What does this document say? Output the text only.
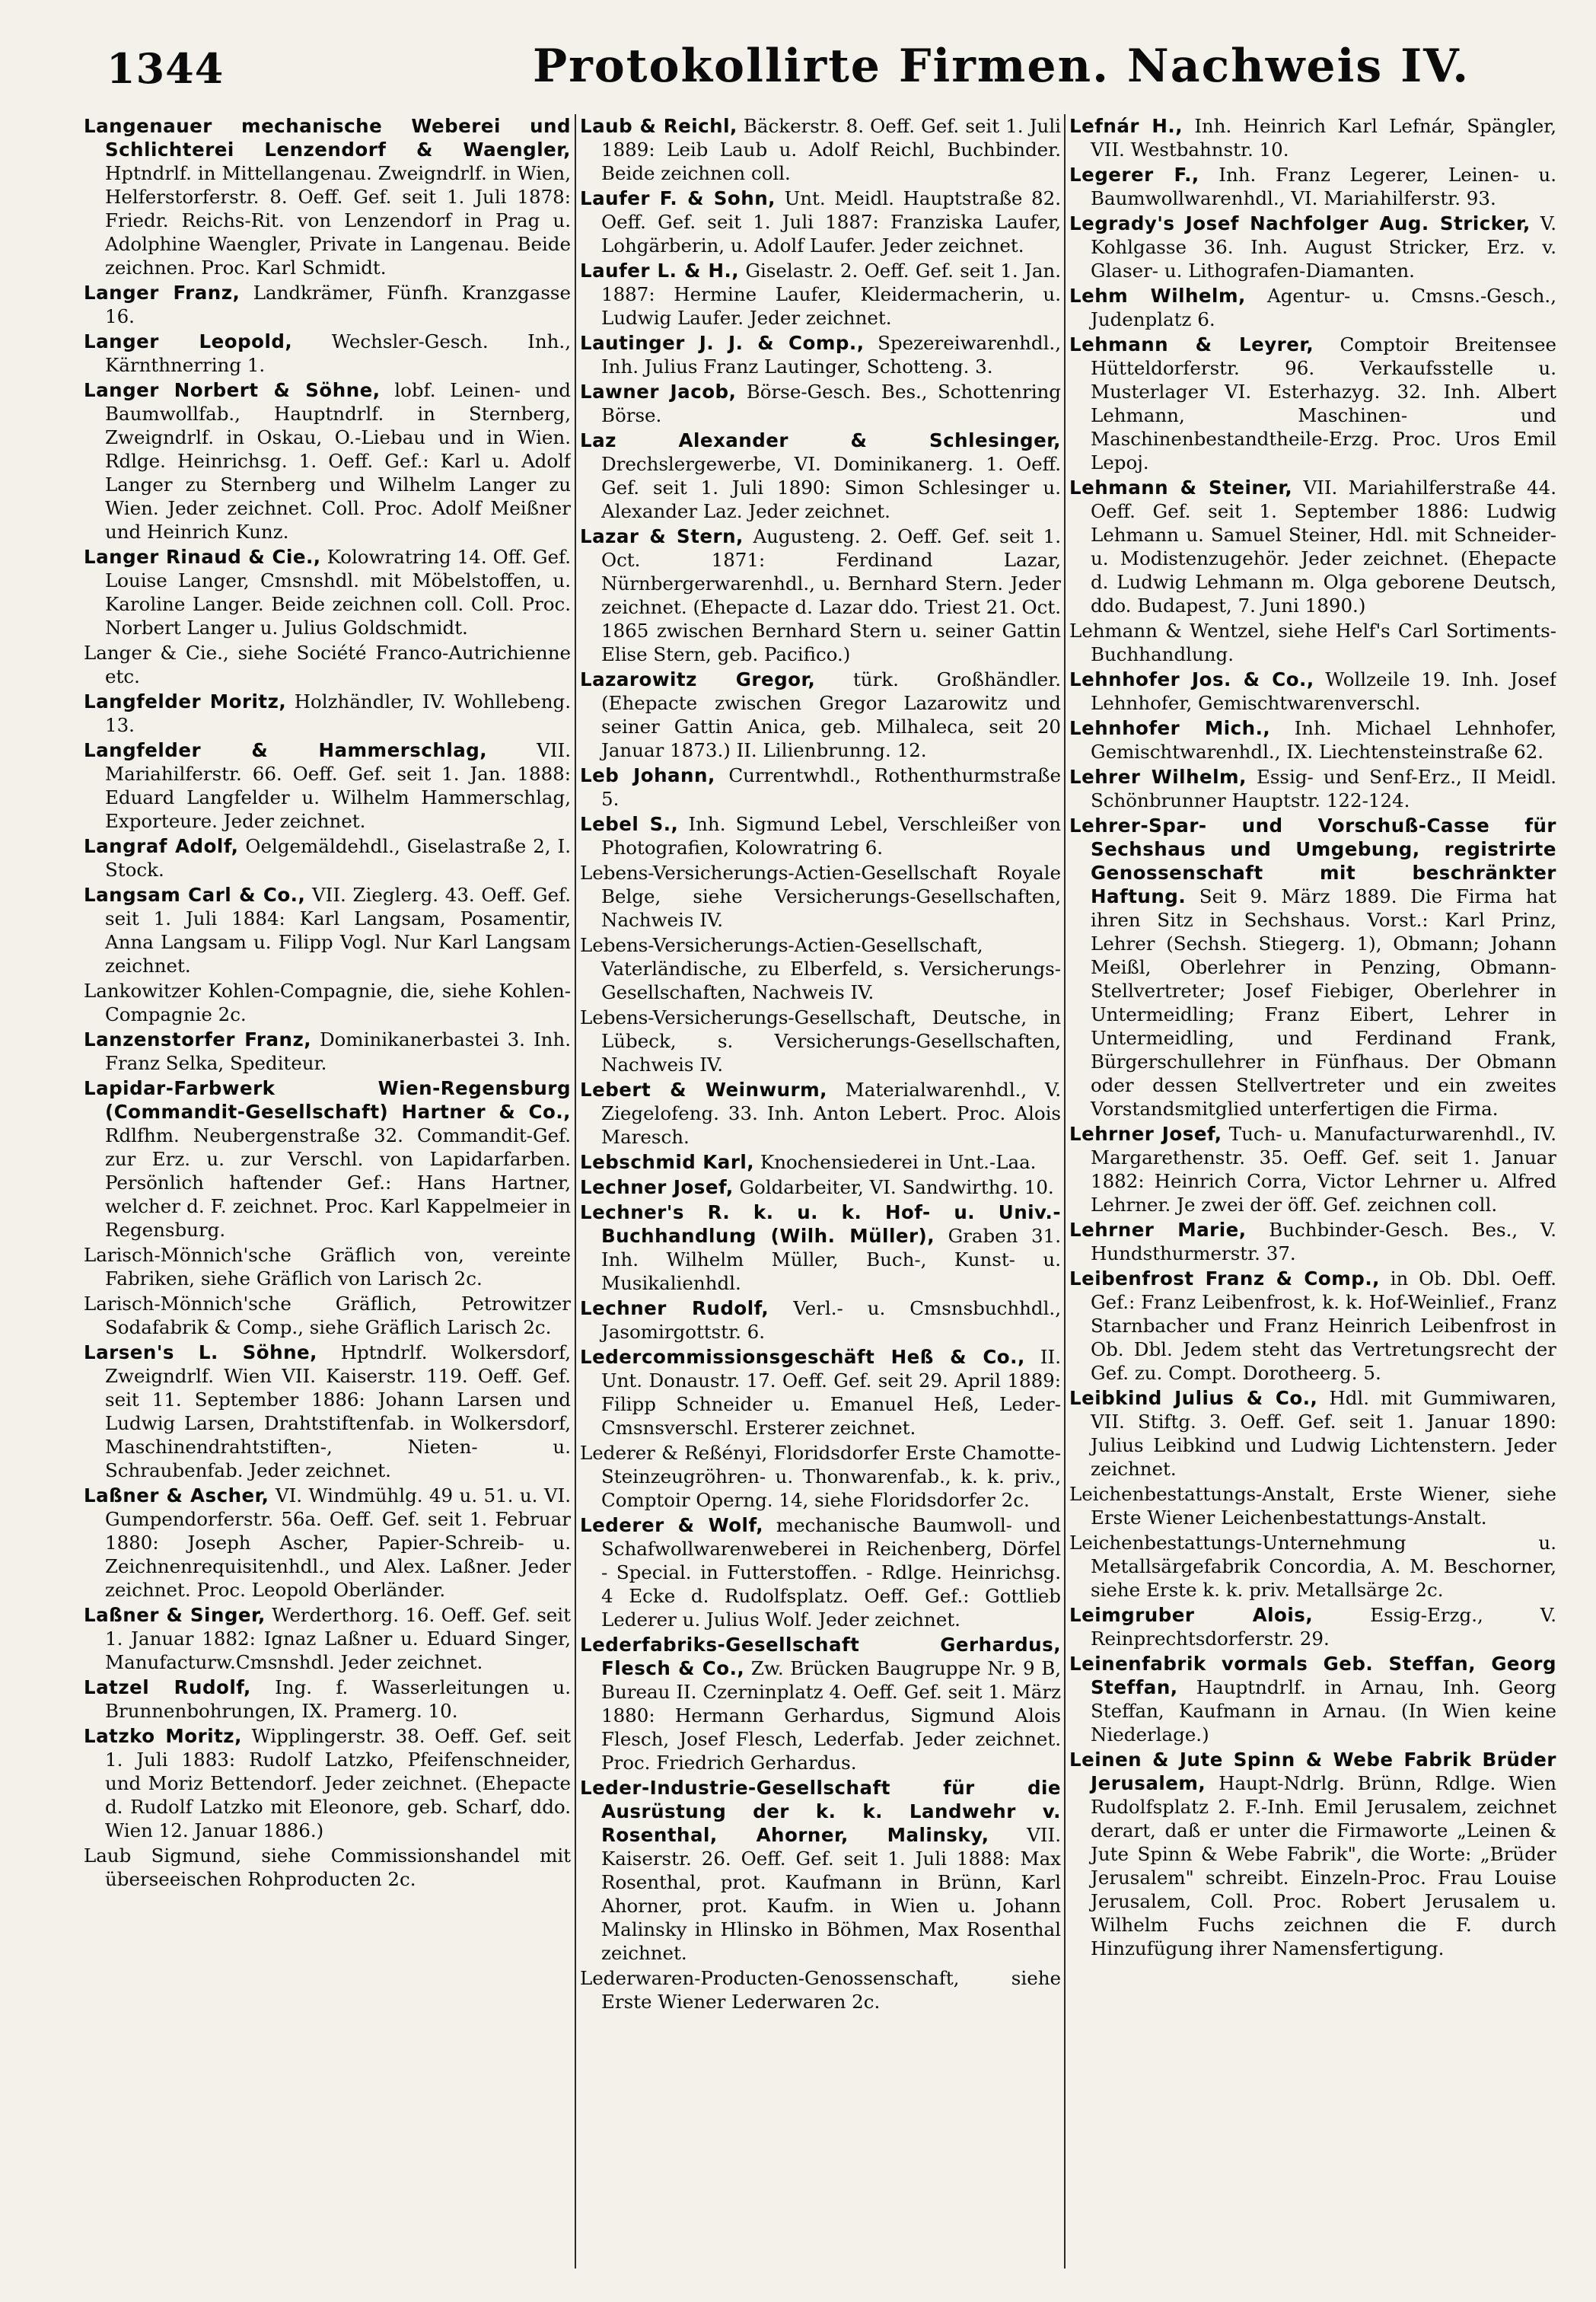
1344	Protokollirte Firmen. Nachweis IV.

Langenauer mechanische Weberei und Schlichterei Lenzendorf & Waengler, Hptndrlf. in Mittellangenau. Zweigndrlf. in Wien, Helferstorferstr. 8. Oeff. Gef. seit 1. Juli 1878: Friedr. Reichs-Rit. von Lenzendorf in Prag u. Adolphine Waengler, Private in Langenau. Beide zeichnen. Proc. Karl Schmidt.

Langer Franz, Landkrämer, Fünfh. Kranzgasse 16.

Langer Leopold, Wechsler-Gesch. Inh., Kärnthnerring 1.

Langer Norbert & Söhne, lobf. Leinen- und Baumwollfab., Hauptndrlf. in Sternberg, Zweigndrlf. in Oskau, O.-Liebau und in Wien. Rdlge. Heinrichsg. 1. Oeff. Gef.: Karl u. Adolf Langer zu Sternberg und Wilhelm Langer zu Wien. Jeder zeichnet. Coll. Proc. Adolf Meißner und Heinrich Kunz.

Langer Rinaud & Cie., Kolowratring 14. Off. Gef. Louise Langer, Cmsnshdl. mit Möbelstoffen, u. Karoline Langer. Beide zeichnen coll. Coll. Proc. Norbert Langer u. Julius Goldschmidt.

Langer & Cie., siehe Société Franco-Autrichienne etc.

Langfelder Moritz, Holzhändler, IV. Wohllebeng. 13.

Langfelder & Hammerschlag,	VII. Mariahilferstr. 66. Oeff. Gef. seit 1. Jan. 1888: Eduard Langfelder u. Wilhelm Hammerschlag, Exporteure. Jeder zeichnet.

Langraf Adolf, Oelgemäldehdl., Giselastraße 2, I. Stock.

Langsam Carl & Co., VII. Zieglerg. 43. Oeff. Gef. seit 1. Juli 1884: Karl Langsam, Posamentir, Anna Langsam u. Filipp Vogl. Nur Karl Langsam zeichnet.

Lankowitzer Kohlen-Compagnie, die, siehe Kohlen-Compagnie 2c.

Lanzenstorfer Franz, Dominikanerbastei 3. Inh. Franz Selka, Spediteur.

Lapidar-Farbwerk Wien-Regensburg (Commandit-Gesellschaft) Hartner & Co., Rdlfhm. Neubergenstraße 32. Commandit-Gef. zur Erz. u. zur Verschl. von Lapidarfarben. Persönlich haftender Gef.: Hans Hartner, welcher d. F. zeichnet. Proc. Karl Kappelmeier in Regensburg.

Larisch-Mönnich'sche Gräflich von, vereinte Fabriken, siehe Gräflich von Larisch 2c.

Larisch-Mönnich'sche Gräflich, Petrowitzer Sodafabrik & Comp., siehe Gräflich Larisch 2c.

Larsen's L. Söhne, Hptndrlf. Wolkersdorf, Zweigndrlf. Wien VII. Kaiserstr. 119. Oeff. Gef. seit 11. September 1886: Johann Larsen und Ludwig Larsen, Drahtstiftenfab. in Wolkersdorf, Maschinendrahtstiften-, Nieten- u. Schraubenfab. Jeder zeichnet.

Laßner & Ascher, VI. Windmühlg. 49 u. 51. u. VI. Gumpendorferstr. 56a. Oeff. Gef. seit 1. Februar 1880: Joseph Ascher, Papier-Schreib- u. Zeichnenrequisitenhdl., und Alex. Laßner. Jeder zeichnet. Proc. Leopold Oberländer.

Laßner & Singer, Werderthorg. 16. Oeff. Gef. seit 1. Januar 1882: Ignaz Laßner u. Eduard Singer, Manufacturw.Cmsnshdl. Jeder zeichnet.

Latzel Rudolf, Ing. f. Wasserleitungen u. Brunnenbohrungen, IX. Pramerg. 10.

Latzko Moritz, Wipplingerstr. 38. Oeff. Gef. seit 1. Juli 1883: Rudolf Latzko, Pfeifenschneider, und Moriz Bettendorf. Jeder zeichnet. (Ehepacte d. Rudolf Latzko mit Eleonore, geb. Scharf, ddo. Wien 12. Januar 1886.)

Laub Sigmund, siehe Commissionshandel mit überseeischen Rohproducten 2c.

Laub & Reichl, Bäckerstr. 8. Oeff. Gef. seit 1. Juli 1889: Leib Laub u. Adolf Reichl, Buchbinder. Beide zeichnen coll.

Laufer F. & Sohn, Unt. Meidl. Hauptstraße 82. Oeff. Gef. seit 1. Juli 1887: Franziska Laufer, Lohgärberin, u. Adolf Laufer. Jeder zeichnet.

Laufer L. & H., Giselastr. 2. Oeff. Gef. seit 1. Jan. 1887: Hermine Laufer, Kleidermacherin, u. Ludwig Laufer. Jeder zeichnet.

Lautinger J. J. & Comp., Spezereiwarenhdl., Inh. Julius Franz Lautinger, Schotteng. 3.

Lawner Jacob, Börse-Gesch. Bes., Schottenring Börse.

Laz Alexander & Schlesinger, Drechslergewerbe, VI. Dominikanerg. 1. Oeff. Gef. seit 1. Juli 1890: Simon Schlesinger u. Alexander Laz. Jeder zeichnet.

Lazar & Stern, Augusteng. 2. Oeff. Gef. seit 1. Oct. 1871: Ferdinand Lazar, Nürnbergerwarenhdl., u. Bernhard Stern. Jeder zeichnet. (Ehepacte d. Lazar ddo. Triest 21. Oct. 1865 zwischen Bernhard Stern u. seiner Gattin Elise Stern, geb. Pacifico.)

Lazarowitz Gregor, türk. Großhändler. (Ehepacte zwischen Gregor Lazarowitz und seiner Gattin Anica, geb. Milhaleca, seit 20 Januar 1873.) II. Lilienbrunng. 12.

Leb Johann, Currentwhdl., Rothenthurmstraße 5.

Lebel S., Inh. Sigmund Lebel, Verschleißer von Photografien, Kolowratring 6.

Lebens-Versicherungs-Actien-Gesellschaft Royale Belge, siehe Versicherungs-Gesellschaften, Nachweis IV.

Lebens-Versicherungs-Actien-Gesellschaft, Vaterländische, zu Elberfeld, s. Versicherungs-Gesellschaften, Nachweis IV.

Lebens-Versicherungs-Gesellschaft, Deutsche, in Lübeck, s. Versicherungs-Gesellschaften, Nachweis IV.

Lebert & Weinwurm, Materialwarenhdl., V. Ziegelofeng. 33. Inh. Anton Lebert. Proc. Alois Maresch.

Lebschmid Karl, Knochensiederei in Unt.-Laa.

Lechner Josef, Goldarbeiter, VI. Sandwirthg. 10.

Lechner's R. k. u. k. Hof- u. Univ.-Buchhandlung (Wilh. Müller), Graben 31. Inh. Wilhelm Müller, Buch-, Kunst- u. Musikalienhdl.

Lechner Rudolf, Verl.- u. Cmsnsbuchhdl., Jasomirgottstr. 6.

Ledercommissionsgeschäft Heß & Co., II. Unt. Donaustr. 17. Oeff. Gef. seit 29. April 1889: Filipp Schneider u. Emanuel Heß, Leder-Cmsnsverschl. Ersterer zeichnet.

Lederer & Reßényi, Floridsdorfer Erste Chamotte-Steinzeugröhren- u. Thonwarenfab., k. k. priv., Comptoir Operng. 14, siehe Floridsdorfer 2c.

Lederer & Wolf, mechanische Baumwoll- und Schafwollwarenweberei in Reichenberg, Dörfel - Special. in Futterstoffen. - Rdlge. Heinrichsg. 4 Ecke d. Rudolfsplatz. Oeff. Gef.: Gottlieb Lederer u. Julius Wolf. Jeder zeichnet.

Lederfabriks-Gesellschaft Gerhardus, Flesch & Co., Zw. Brücken Baugruppe Nr. 9 B, Bureau II. Czerninplatz 4. Oeff. Gef. seit 1. März 1880: Hermann Gerhardus, Sigmund Alois Flesch, Josef Flesch, Lederfab. Jeder zeichnet. Proc. Friedrich Gerhardus.

Leder-Industrie-Gesellschaft für die Ausrüstung der k. k. Landwehr v. Rosenthal, Ahorner, Malinsky, VII. Kaiserstr. 26. Oeff. Gef. seit 1. Juli 1888: Max Rosenthal, prot. Kaufmann in Brünn, Karl Ahorner, prot. Kaufm. in Wien u. Johann Malinsky in Hlinsko in Böhmen, Max Rosenthal zeichnet.

Lederwaren-Producten-Genossenschaft, siehe Erste Wiener Lederwaren 2c.

Lefnár H., Inh. Heinrich Karl Lefnár, Spängler, VII. Westbahnstr. 10.

Legerer F., Inh. Franz Legerer, Leinen- u. Baumwollwarenhdl., VI. Mariahilferstr. 93.

Legrady's Josef Nachfolger Aug. Stricker, V. Kohlgasse 36. Inh. August Stricker, Erz. v. Glaser- u. Lithografen-Diamanten.

Lehm Wilhelm, Agentur- u. Cmsns.-Gesch., Judenplatz 6.

Lehmann & Leyrer, Comptoir Breitensee Hütteldorferstr. 96. Verkaufsstelle u. Musterlager VI. Esterhazyg. 32. Inh. Albert Lehmann, Maschinen- und Maschinenbestandtheile-Erzg. Proc. Uros Emil Lepoj.

Lehmann & Steiner, VII. Mariahilferstraße 44. Oeff. Gef. seit 1. September 1886: Ludwig Lehmann u. Samuel Steiner, Hdl. mit Schneider- u. Modistenzugehör. Jeder zeichnet. (Ehepacte d. Ludwig Lehmann m. Olga geborene Deutsch, ddo. Budapest, 7. Juni 1890.)

Lehmann & Wentzel, siehe Helf's Carl Sortiments-Buchhandlung.

Lehnhofer Jos. & Co., Wollzeile 19. Inh. Josef Lehnhofer, Gemischtwarenverschl.

Lehnhofer Mich., Inh. Michael Lehnhofer, Gemischtwarenhdl., IX. Liechtensteinstraße 62.

Lehrer Wilhelm, Essig- und Senf-Erz., II Meidl. Schönbrunner Hauptstr. 122-124.

Lehrer-Spar- und Vorschuß-Casse für Sechshaus und Umgebung, registrirte Genossenschaft mit beschränkter Haftung. Seit 9. März 1889. Die Firma hat ihren Sitz in Sechshaus. Vorst.: Karl Prinz, Lehrer (Sechsh. Stiegerg. 1), Obmann; Johann Meißl, Oberlehrer in Penzing, Obmann-Stellvertreter; Josef Fiebiger, Oberlehrer in Untermeidling; Franz Eibert, Lehrer in Untermeidling, und Ferdinand Frank, Bürgerschullehrer in Fünfhaus. Der Obmann oder dessen Stellvertreter und ein zweites Vorstandsmitglied unterfertigen die Firma.

Lehrner Josef, Tuch- u. Manufacturwarenhdl., IV. Margarethenstr. 35. Oeff. Gef. seit 1. Januar 1882: Heinrich Corra, Victor Lehrner u. Alfred Lehrner. Je zwei der öff. Gef. zeichnen coll.

Lehrner Marie, Buchbinder-Gesch. Bes., V. Hundsthurmerstr. 37.

Leibenfrost Franz & Comp., in Ob. Dbl. Oeff. Gef.: Franz Leibenfrost, k. k. Hof-Weinlief., Franz Starnbacher und Franz Heinrich Leibenfrost in Ob. Dbl. Jedem steht das Vertretungsrecht der Gef. zu. Compt. Dorotheerg. 5.

Leibkind Julius & Co., Hdl. mit Gummiwaren, VII. Stiftg. 3. Oeff. Gef. seit 1. Januar 1890: Julius Leibkind und Ludwig Lichtenstern. Jeder zeichnet.

Leichenbestattungs-Anstalt, Erste Wiener, siehe Erste Wiener Leichenbestattungs-Anstalt.

Leichenbestattungs-Unternehmung u. Metallsärgefabrik Concordia, A. M. Beschorner, siehe Erste k. k. priv. Metallsärge 2c.

Leimgruber Alois,	Essig-Erzg., V. Reinprechtsdorferstr. 29.

Leinenfabrik vormals Geb. Steffan, Georg Steffan, Hauptndrlf. in Arnau, Inh. Georg Steffan, Kaufmann in Arnau. (In Wien keine Niederlage.)

Leinen & Jute Spinn & Webe Fabrik Brüder Jerusalem, Haupt-Ndrlg. Brünn, Rdlge. Wien Rudolfsplatz 2. F.-Inh. Emil Jerusalem, zeichnet derart, daß er unter die Firmaworte „Leinen & Jute Spinn & Webe Fabrik", die Worte: „Brüder Jerusalem" schreibt. Einzeln-Proc. Frau Louise Jerusalem, Coll. Proc. Robert Jerusalem u. Wilhelm Fuchs zeichnen die F. durch Hinzufügung ihrer Namensfertigung.
